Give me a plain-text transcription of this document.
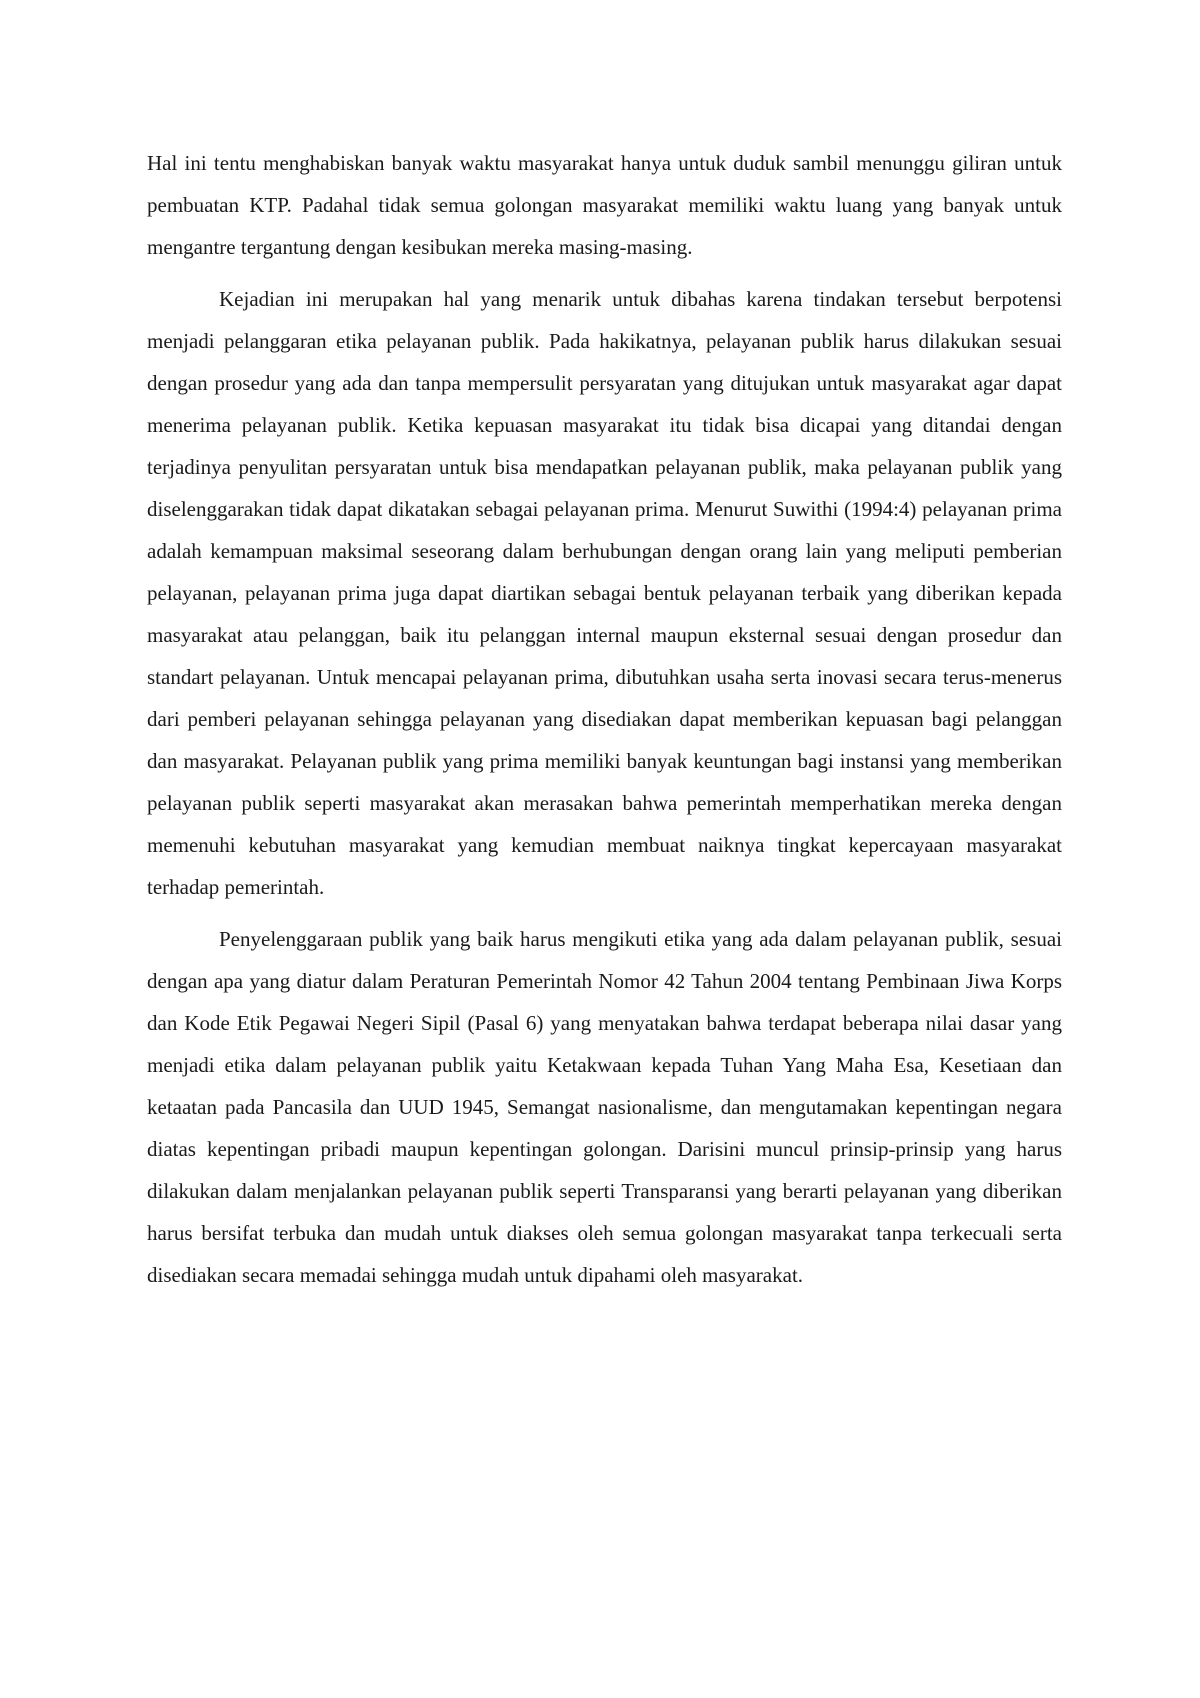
Hal ini tentu menghabiskan banyak waktu masyarakat hanya untuk duduk sambil menunggu giliran untuk pembuatan KTP. Padahal tidak semua golongan masyarakat memiliki waktu luang yang banyak untuk mengantre tergantung dengan kesibukan mereka masing-masing.

Kejadian ini merupakan hal yang menarik untuk dibahas karena tindakan tersebut berpotensi menjadi pelanggaran etika pelayanan publik. Pada hakikatnya, pelayanan publik harus dilakukan sesuai dengan prosedur yang ada dan tanpa mempersulit persyaratan yang ditujukan untuk masyarakat agar dapat menerima pelayanan publik. Ketika kepuasan masyarakat itu tidak bisa dicapai yang ditandai dengan terjadinya penyulitan persyaratan untuk bisa mendapatkan pelayanan publik, maka pelayanan publik yang diselenggarakan tidak dapat dikatakan sebagai pelayanan prima. Menurut Suwithi (1994:4) pelayanan prima adalah kemampuan maksimal seseorang dalam berhubungan dengan orang lain yang meliputi pemberian pelayanan, pelayanan prima juga dapat diartikan sebagai bentuk pelayanan terbaik yang diberikan kepada masyarakat atau pelanggan, baik itu pelanggan internal maupun eksternal sesuai dengan prosedur dan standart pelayanan. Untuk mencapai pelayanan prima, dibutuhkan usaha serta inovasi secara terus-menerus dari pemberi pelayanan sehingga pelayanan yang disediakan dapat memberikan kepuasan bagi pelanggan dan masyarakat. Pelayanan publik yang prima memiliki banyak keuntungan bagi instansi yang memberikan pelayanan publik seperti masyarakat akan merasakan bahwa pemerintah memperhatikan mereka dengan memenuhi kebutuhan masyarakat yang kemudian membuat naiknya tingkat kepercayaan masyarakat terhadap pemerintah.

Penyelenggaraan publik yang baik harus mengikuti etika yang ada dalam pelayanan publik, sesuai dengan apa yang diatur dalam Peraturan Pemerintah Nomor 42 Tahun 2004 tentang Pembinaan Jiwa Korps dan Kode Etik Pegawai Negeri Sipil (Pasal 6) yang menyatakan bahwa terdapat beberapa nilai dasar yang menjadi etika dalam pelayanan publik yaitu Ketakwaan kepada Tuhan Yang Maha Esa, Kesetiaan dan ketaatan pada Pancasila dan UUD 1945, Semangat nasionalisme, dan mengutamakan kepentingan negara diatas kepentingan pribadi maupun kepentingan golongan. Darisini muncul prinsip-prinsip yang harus dilakukan dalam menjalankan pelayanan publik seperti Transparansi yang berarti pelayanan yang diberikan harus bersifat terbuka dan mudah untuk diakses oleh semua golongan masyarakat tanpa terkecuali serta disediakan secara memadai sehingga mudah untuk dipahami oleh masyarakat.
